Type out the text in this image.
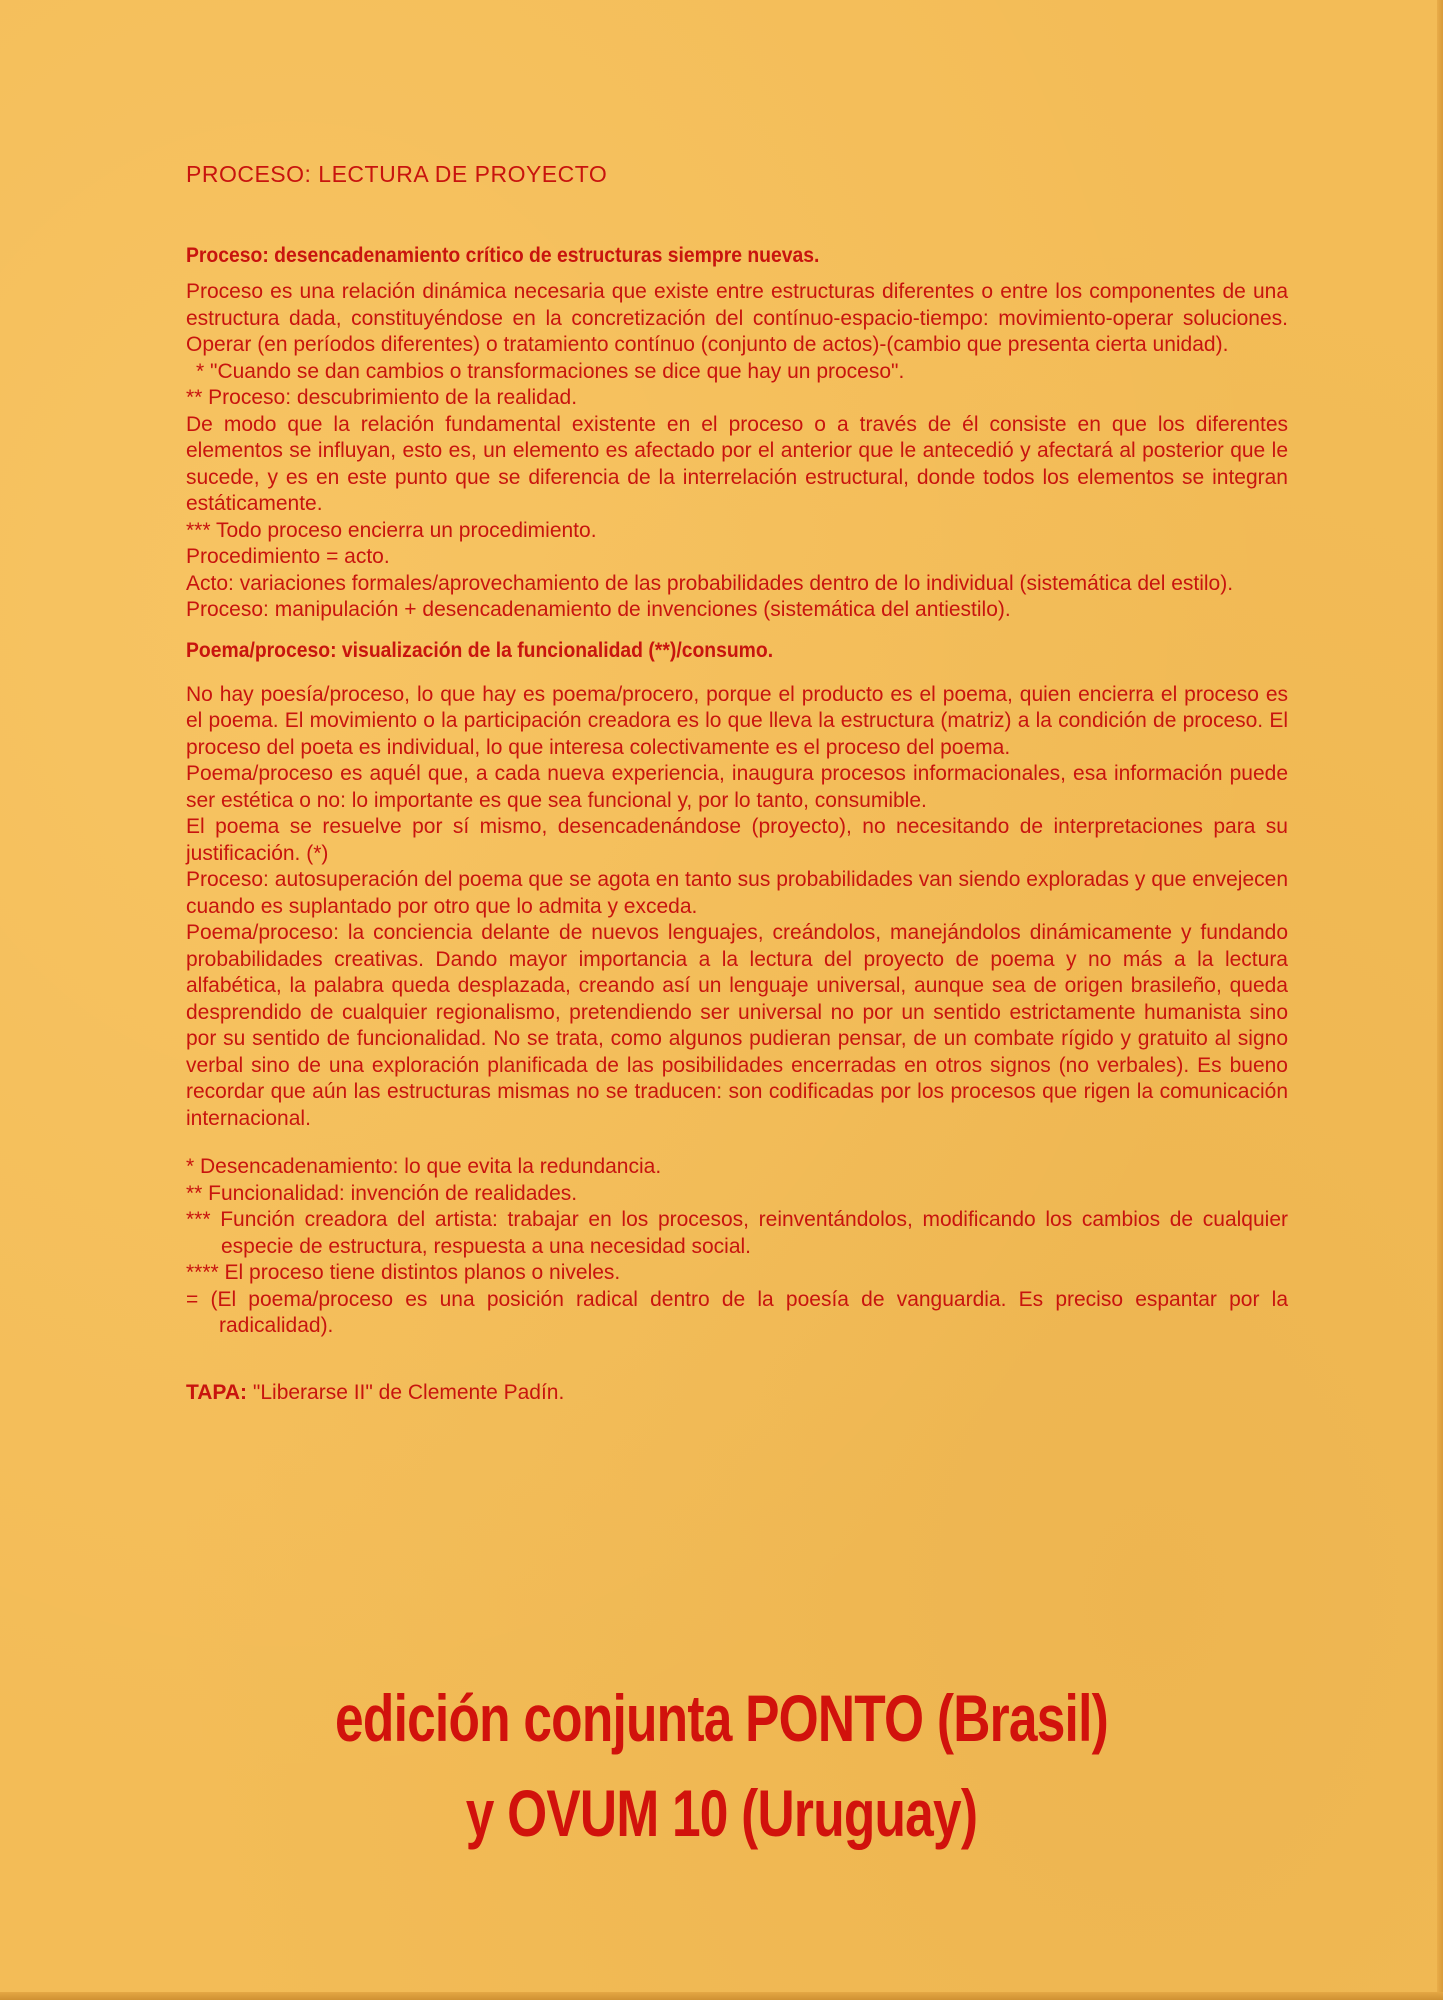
PROCESO: LECTURA DE PROYECTO

Proceso: desencadenamiento crítico de estructuras siempre nuevas.

Proceso es una relación dinámica necesaria que existe entre estructuras diferentes o entre los componentes de una estructura dada, constituyéndose en la concretización del contínuo-espacio-tiempo: movimiento-operar soluciones. Operar (en períodos diferentes) o tratamiento contínuo (conjunto de actos)-(cambio que presenta cierta unidad).

* "Cuando se dan cambios o transformaciones se dice que hay un proceso".

** Proceso: descubrimiento de la realidad.

De modo que la relación fundamental existente en el proceso o a través de él consiste en que los diferentes elementos se influyan, esto es, un elemento es afectado por el anterior que le antecedió y afectará al posterior que le sucede, y es en este punto que se diferencia de la interrelación estructural, donde todos los elementos se integran estáticamente.

*** Todo proceso encierra un procedimiento.

Procedimiento = acto.

Acto: variaciones formales/aprovechamiento de las probabilidades dentro de lo individual (sistemática del estilo).

Proceso: manipulación + desencadenamiento de invenciones (sistemática del antiestilo).

Poema/proceso: visualización de la funcionalidad (**)/consumo.

No hay poesía/proceso, lo que hay es poema/procero, porque el producto es el poema, quien encierra el proceso es el poema. El movimiento o la participación creadora es lo que lleva la estructura (matriz) a la condición de proceso. El proceso del poeta es individual, lo que interesa colectivamente es el proceso del poema.

Poema/proceso es aquél que, a cada nueva experiencia, inaugura procesos informacionales, esa información puede ser estética o no: lo importante es que sea funcional y, por lo tanto, consumible.

El poema se resuelve por sí mismo, desencadenándose (proyecto), no necesitando de interpretaciones para su justificación. (*)

Proceso: autosuperación del poema que se agota en tanto sus probabilidades van siendo exploradas y que envejecen cuando es suplantado por otro que lo admita y exceda.

Poema/proceso: la conciencia delante de nuevos lenguajes, creándolos, manejándolos dinámicamente y fundando probabilidades creativas. Dando mayor importancia a la lectura del proyecto de poema y no más a la lectura alfabética, la palabra queda desplazada, creando así un lenguaje universal, aunque sea de origen brasileño, queda desprendido de cualquier regionalismo, pretendiendo ser universal no por un sentido estrictamente humanista sino por su sentido de funcionalidad. No se trata, como algunos pudieran pensar, de un combate rígido y gratuito al signo verbal sino de una exploración planificada de las posibilidades encerradas en otros signos (no verbales). Es bueno recordar que aún las estructuras mismas no se traducen: son codificadas por los procesos que rigen la comunicación internacional.

* Desencadenamiento: lo que evita la redundancia.

** Funcionalidad: invención de realidades.

*** Función creadora del artista: trabajar en los procesos, reinventándolos, modificando los cambios de cualquier especie de estructura, respuesta a una necesidad social.

**** El proceso tiene distintos planos o niveles.

= (El poema/proceso es una posición radical dentro de la poesía de vanguardia. Es preciso espantar por la radicalidad).

TAPA: "Liberarse II" de Clemente Padín.

edición conjunta PONTO (Brasil)
y OVUM 10 (Uruguay)
